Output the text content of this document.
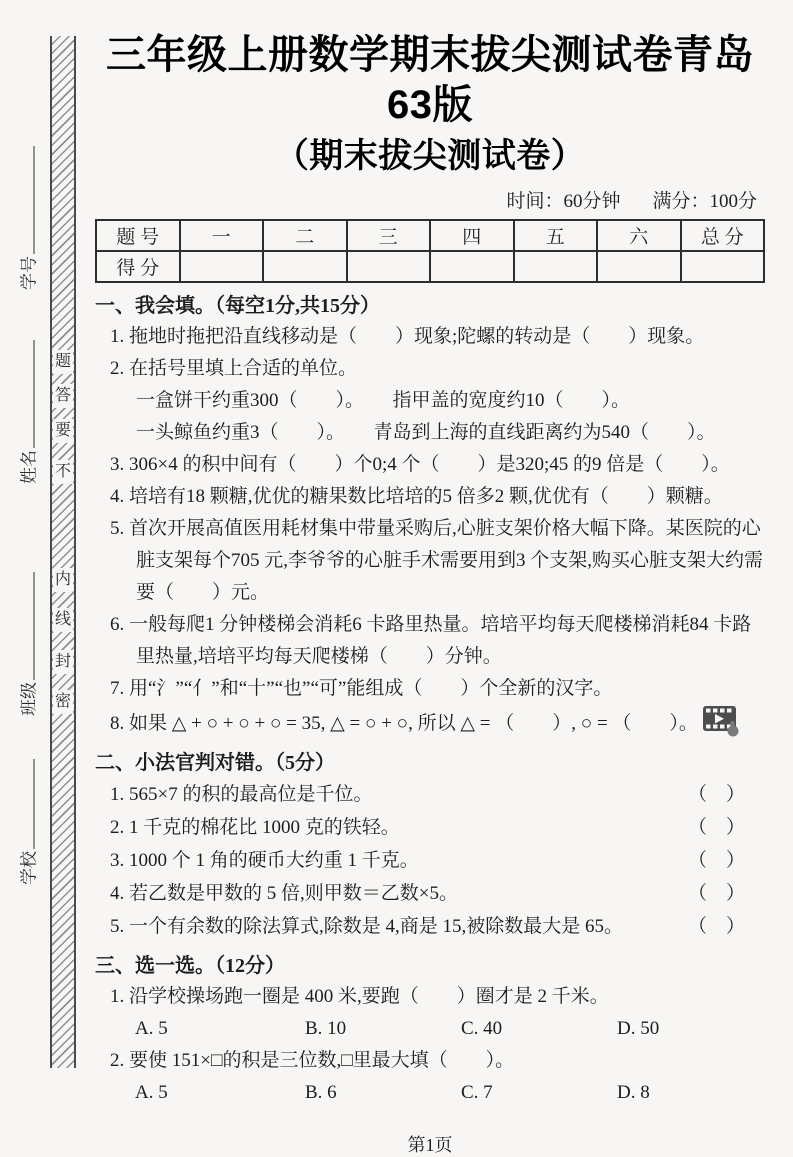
学号
姓名
班级
学校
题
答
要
不
内
线
封
密
三年级上册数学期末拔尖测试卷青岛63版
（期末拔尖测试卷）
时间：60分钟 满分：100分
题 号	一	二	三	四	五	六	总 分
得 分							
一、我会填。（每空1分,共15分）
1. 拖地时拖把沿直线移动是（　　）现象;陀螺的转动是（　　）现象。
2. 在括号里填上合适的单位。
一盒饼干约重300（　　）。　　指甲盖的宽度约10（　　）。
一头鲸鱼约重3（　　）。　　青岛到上海的直线距离约为540（　　）。
3. 306×4 的积中间有（　　）个0;4 个（　　）是320;45 的9 倍是（　　）。
4. 培培有18 颗糖,优优的糖果数比培培的5 倍多2 颗,优优有（　　）颗糖。
5. 首次开展高值医用耗材集中带量采购后,心脏支架价格大幅下降。某医院的心脏支架每个705 元,李爷爷的心脏手术需要用到3 个支架,购买心脏支架大约需要（　　）元。
6. 一般每爬1 分钟楼梯会消耗6 卡路里热量。培培平均每天爬楼梯消耗84 卡路里热量,培培平均每天爬楼梯（　　）分钟。
7. 用“氵”“亻”和“十”“也”“可”能组成（　　）个全新的汉字。
8. 如果 △ + ○ + ○ + ○ = 35, △ = ○ + ○, 所以 △ = （　　）, ○ = （　　）。
二、小法官判对错。（5分）
1. 565×7 的积的最高位是千位。	（　）
2. 1 千克的棉花比 1000 克的铁轻。	（　）
3. 1000 个 1 角的硬币大约重 1 千克。	（　）
4. 若乙数是甲数的 5 倍,则甲数＝乙数×5。	（　）
5. 一个有余数的除法算式,除数是 4,商是 15,被除数最大是 65。	（　）
三、选一选。（12分）
1. 沿学校操场跑一圈是 400 米,要跑（　　）圈才是 2 千米。
A. 5	B. 10	C. 40	D. 50
2. 要使 151×□的积是三位数,□里最大填（　　）。
A. 5	B. 6	C. 7	D. 8
第1页
